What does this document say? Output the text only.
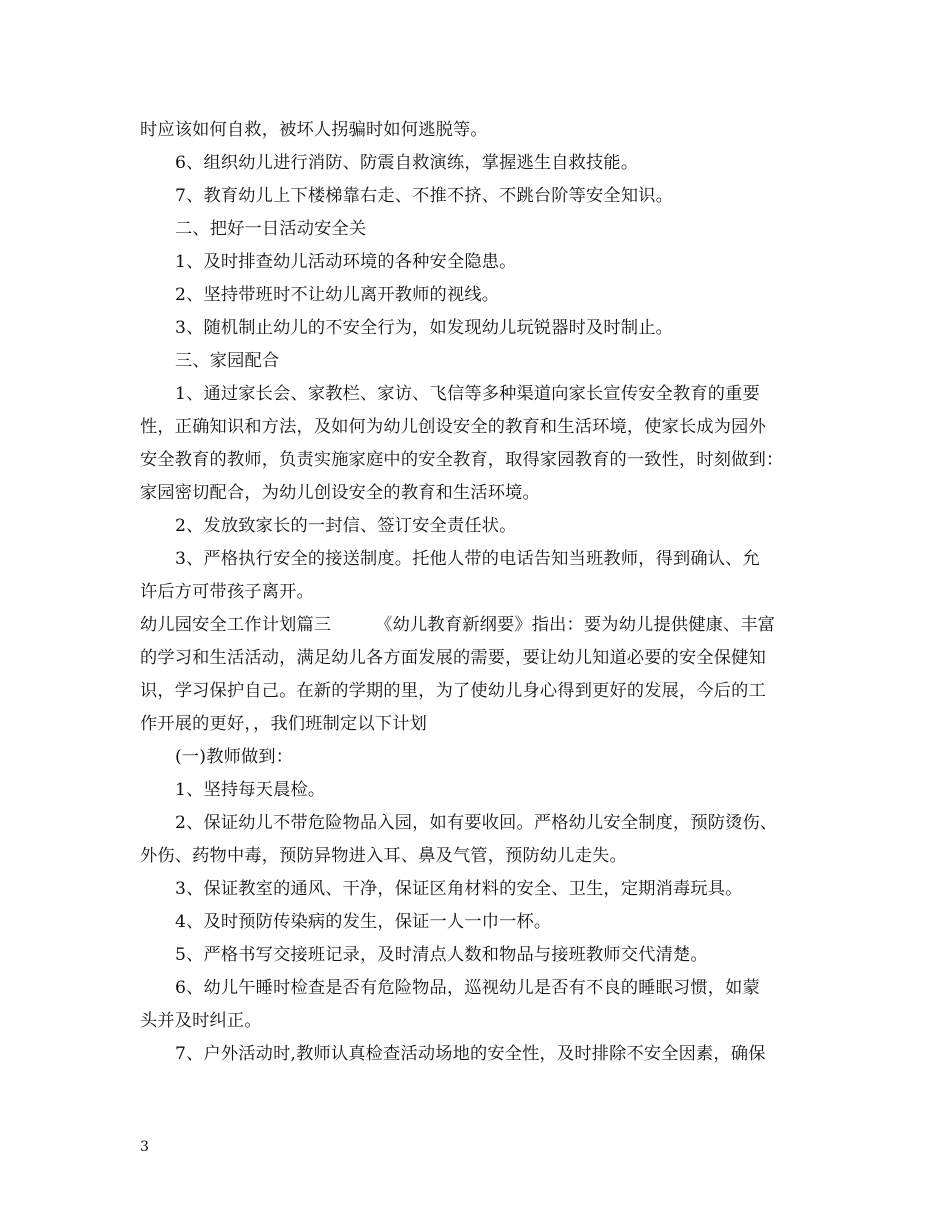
时应该如何自救，被坏人拐骗时如何逃脱等。
6、组织幼儿进行消防、防震自救演练，掌握逃生自救技能。
7、教育幼儿上下楼梯靠右走、不推不挤、不跳台阶等安全知识。
二、把好一日活动安全关
1、及时排查幼儿活动环境的各种安全隐患。
2、坚持带班时不让幼儿离开教师的视线。
3、随机制止幼儿的不安全行为，如发现幼儿玩锐器时及时制止。
三、家园配合
1、通过家长会、家教栏、家访、飞信等多种渠道向家长宣传安全教育的重要
性，正确知识和方法，及如何为幼儿创设安全的教育和生活环境，使家长成为园外
安全教育的教师，负责实施家庭中的安全教育，取得家园教育的一致性，时刻做到：
家园密切配合，为幼儿创设安全的教育和生活环境。
2、发放致家长的一封信、签订安全责任状。
3、严格执行安全的接送制度。托他人带的电话告知当班教师，得到确认、允
许后方可带孩子离开。
幼儿园安全工作计划篇三	《幼儿教育新纲要》指出：要为幼儿提供健康、丰富
的学习和生活活动，满足幼儿各方面发展的需要，要让幼儿知道必要的安全保健知
识，学习保护自己。在新的学期的里，为了使幼儿身心得到更好的发展，今后的工
作开展的更好，，我们班制定以下计划
(一)教师做到：
1、坚持每天晨检。
2、保证幼儿不带危险物品入园，如有要收回。严格幼儿安全制度，预防烫伤、
外伤、药物中毒，预防异物进入耳、鼻及气管，预防幼儿走失。
3、保证教室的通风、干净，保证区角材料的安全、卫生，定期消毒玩具。
4、及时预防传染病的发生，保证一人一巾一杯。
5、严格书写交接班记录，及时清点人数和物品与接班教师交代清楚。
6、幼儿午睡时检查是否有危险物品，巡视幼儿是否有不良的睡眠习惯，如蒙
头并及时纠正。
7、户外活动时,教师认真检查活动场地的安全性，及时排除不安全因素，确保
3
